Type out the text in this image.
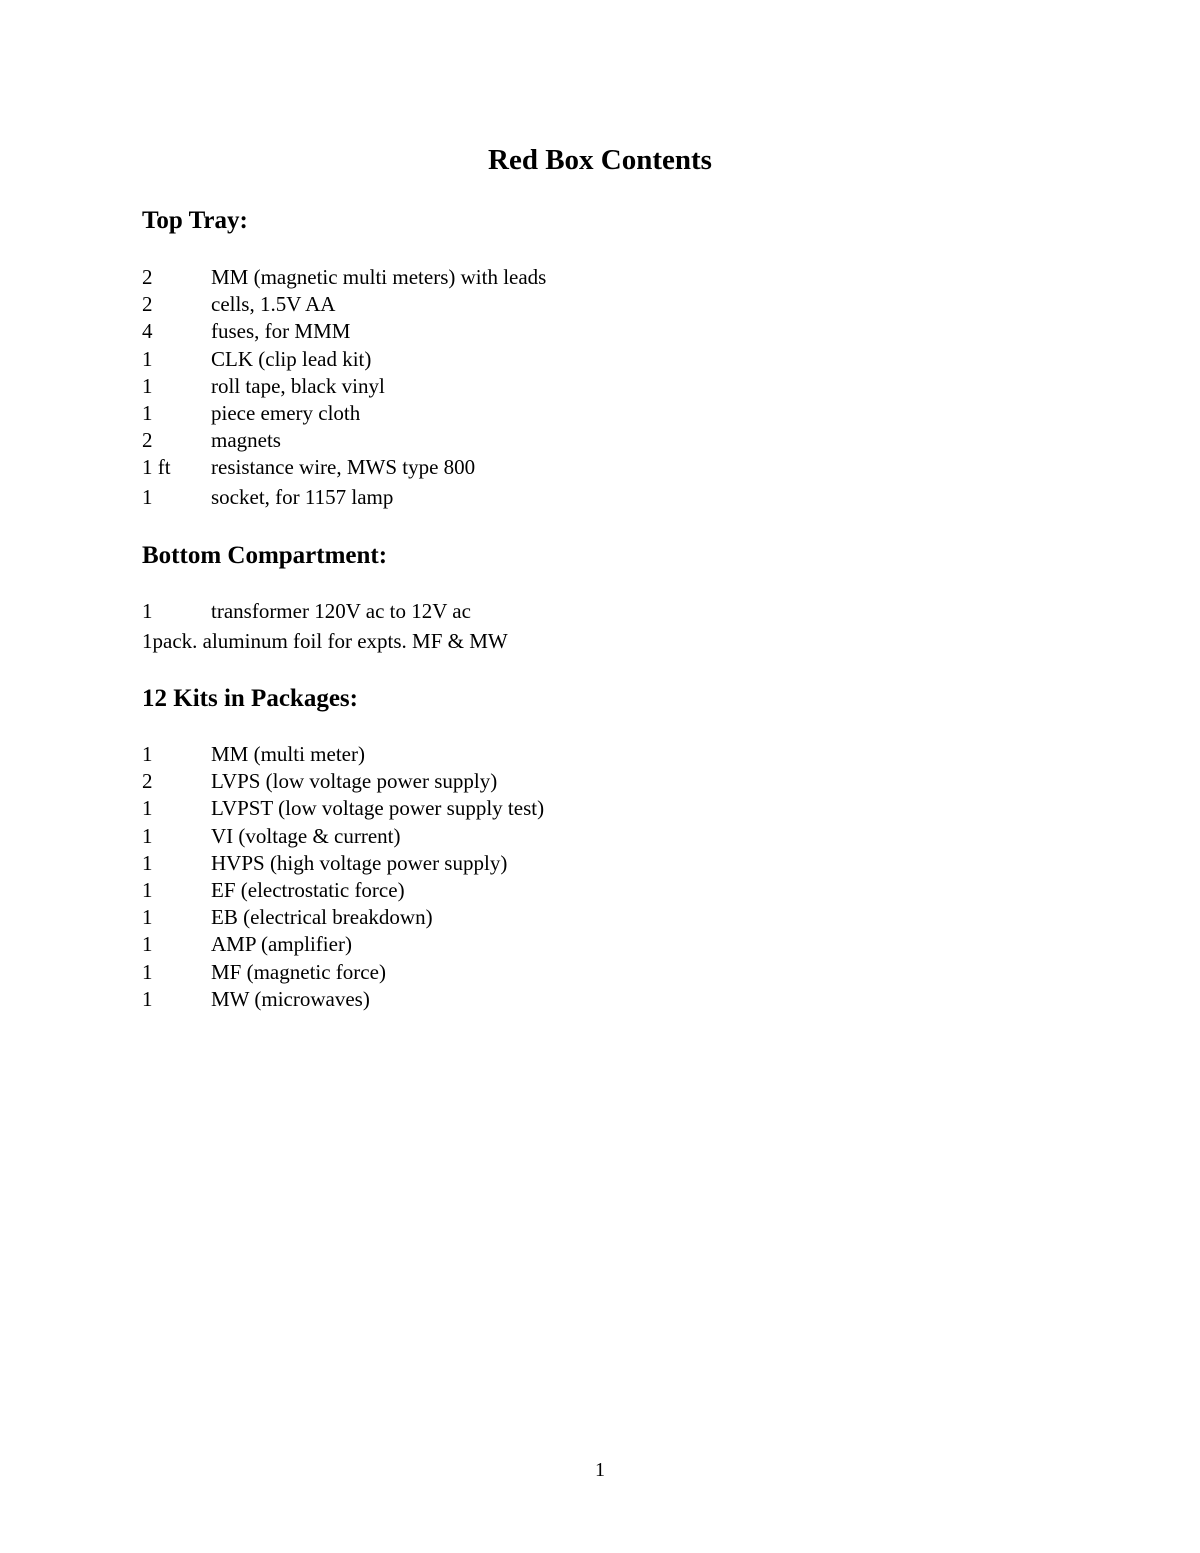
Red Box Contents
Top Tray:
2	MM (magnetic multi meters) with leads
2	cells, 1.5V AA
4	fuses, for MMM
1	CLK (clip lead kit)
1	roll tape, black vinyl
1	piece emery cloth
2	magnets
1 ft resistance wire, MWS type 800
1	socket, for 1157 lamp
Bottom Compartment:
1	transformer 120V ac to 12V ac
1pack. aluminum foil for expts. MF & MW
12 Kits in Packages:
1	MM (multi meter)
2	LVPS (low voltage power supply)
1	LVPST (low voltage power supply test)
1	VI (voltage & current)
1	HVPS (high voltage power supply)
1	EF (electrostatic force)
1	EB (electrical breakdown)
1	AMP (amplifier)
1	MF (magnetic force)
1	MW (microwaves)
1
